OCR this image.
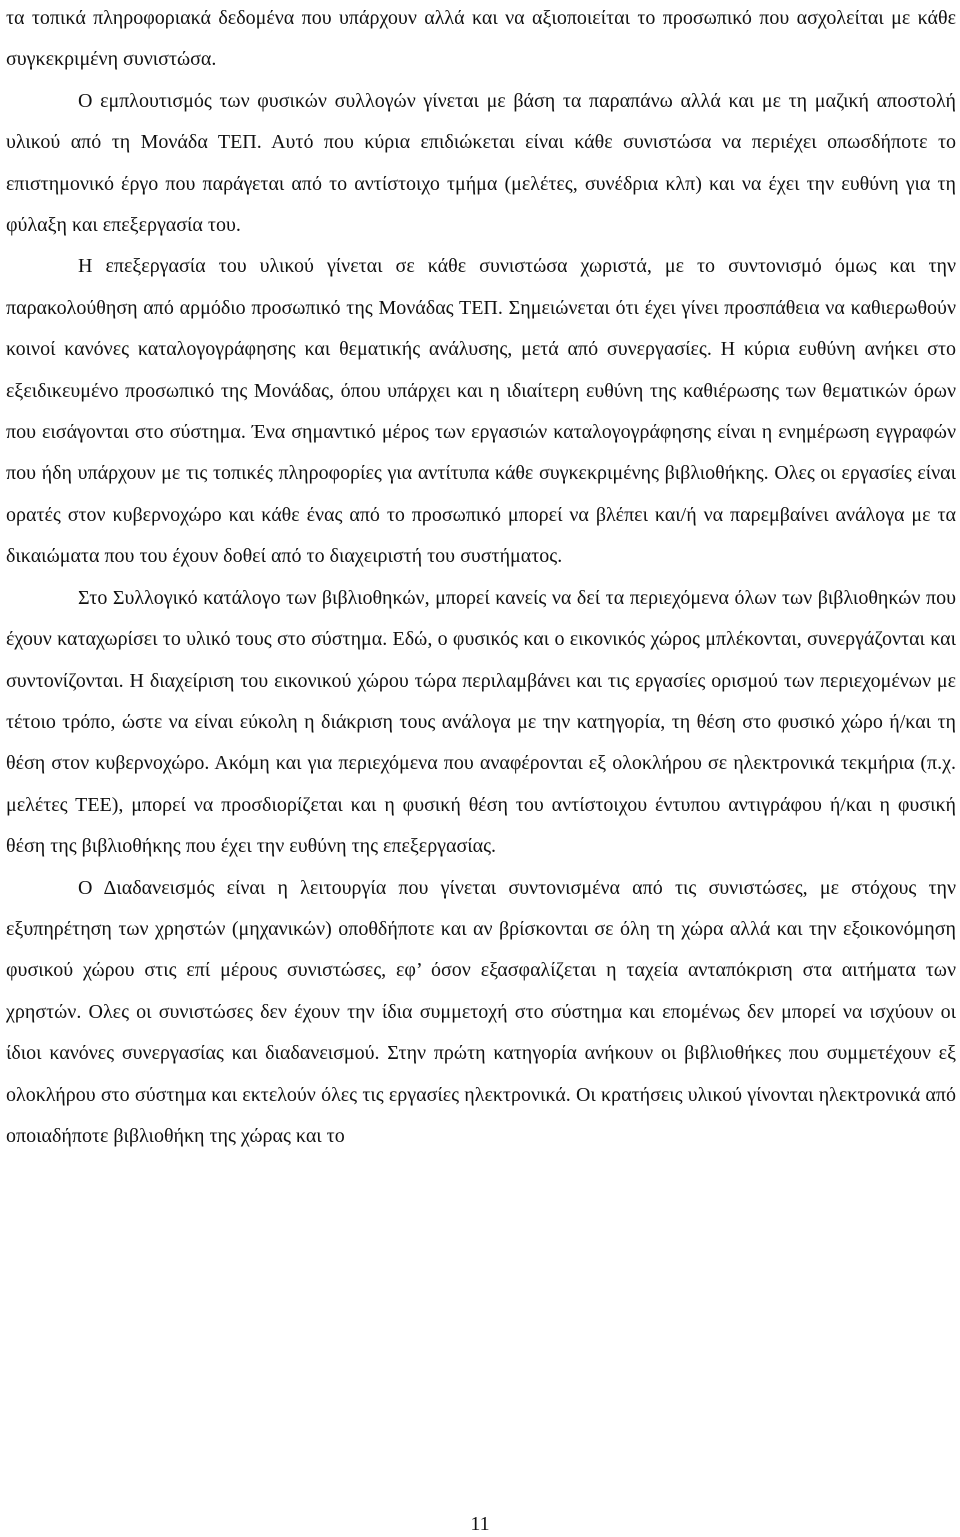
τα τοπικά πληροφοριακά δεδομένα που υπάρχουν αλλά και να αξιοποιείται το προσωπικό που ασχολείται με κάθε συγκεκριμένη συνιστώσα.

Ο εμπλουτισμός των φυσικών συλλογών γίνεται με βάση τα παραπάνω αλλά και με τη μαζική αποστολή υλικού από τη Μονάδα ΤΕΠ. Αυτό που κύρια επιδιώκεται είναι κάθε συνιστώσα να περιέχει οπωσδήποτε το επιστημονικό έργο που παράγεται από το αντίστοιχο τμήμα (μελέτες, συνέδρια κλπ) και να έχει την ευθύνη για τη φύλαξη και επεξεργασία του.

Η επεξεργασία του υλικού γίνεται σε κάθε συνιστώσα χωριστά, με το συντονισμό όμως και την παρακολούθηση από αρμόδιο προσωπικό της Μονάδας ΤΕΠ. Σημειώνεται ότι έχει γίνει προσπάθεια να καθιερωθούν κοινοί κανόνες καταλογογράφησης και θεματικής ανάλυσης, μετά από συνεργασίες. Η κύρια ευθύνη ανήκει στο εξειδικευμένο προσωπικό της Μονάδας, όπου υπάρχει και η ιδιαίτερη ευθύνη της καθιέρωσης των θεματικών όρων που εισάγονται στο σύστημα. Ένα σημαντικό μέρος των εργασιών καταλογογράφησης είναι η ενημέρωση εγγραφών που ήδη υπάρχουν με τις τοπικές πληροφορίες για αντίτυπα κάθε συγκεκριμένης βιβλιοθήκης. Ολες οι εργασίες είναι ορατές στον κυβερνοχώρο και κάθε ένας από το προσωπικό μπορεί να βλέπει και/ή να παρεμβαίνει ανάλογα με τα δικαιώματα που του έχουν δοθεί από το διαχειριστή του συστήματος.

Στο Συλλογικό κατάλογο των βιβλιοθηκών, μπορεί κανείς να δεί τα περιεχόμενα όλων των βιβλιοθηκών που έχουν καταχωρίσει το υλικό τους στο σύστημα. Εδώ, ο φυσικός και ο εικονικός χώρος μπλέκονται, συνεργάζονται και συντονίζονται. Η διαχείριση του εικονικού χώρου τώρα περιλαμβάνει και τις εργασίες ορισμού των περιεχομένων με τέτοιο τρόπο, ώστε να είναι εύκολη η διάκριση τους ανάλογα με την κατηγορία, τη θέση στο φυσικό χώρο ή/και τη θέση στον κυβερνοχώρο. Ακόμη και για περιεχόμενα που αναφέρονται εξ ολοκλήρου σε ηλεκτρονικά τεκμήρια (π.χ. μελέτες ΤΕΕ), μπορεί να προσδιορίζεται και η φυσική θέση του αντίστοιχου έντυπου αντιγράφου ή/και η φυσική θέση της βιβλιοθήκης που έχει την ευθύνη της επεξεργασίας.

Ο Διαδανεισμός είναι η λειτουργία που γίνεται συντονισμένα από τις συνιστώσες, με στόχους την εξυπηρέτηση των χρηστών (μηχανικών) οποθδήποτε και αν βρίσκονται σε όλη τη χώρα αλλά και την εξοικονόμηση φυσικού χώρου στις επί μέρους συνιστώσες, εφ’ όσον εξασφαλίζεται η ταχεία ανταπόκριση στα αιτήματα των χρηστών. Ολες οι συνιστώσες δεν έχουν την ίδια συμμετοχή στο σύστημα και επομένως δεν μπορεί να ισχύουν οι ίδιοι κανόνες συνεργασίας και διαδανεισμού. Στην πρώτη κατηγορία ανήκουν οι βιβλιοθήκες που συμμετέχουν εξ ολοκλήρου στο σύστημα και εκτελούν όλες τις εργασίες ηλεκτρονικά. Οι κρατήσεις υλικού γίνονται ηλεκτρονικά από οποιαδήποτε βιβλιοθήκη της χώρας και το

11
